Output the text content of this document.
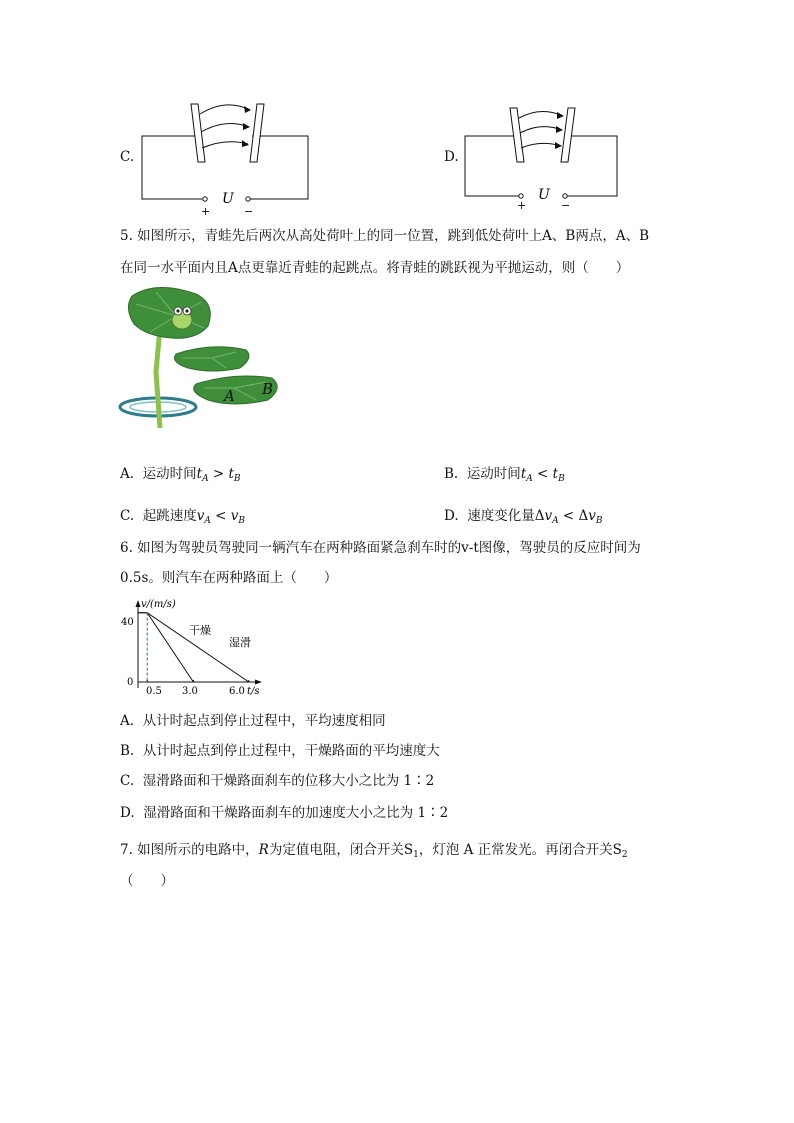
C.
U
+	−
D.
U
+	−
5. 如图所示，青蛙先后两次从高处荷叶上的同一位置，跳到低处荷叶上A、B两点，A、B
在同一水平面内且A点更靠近青蛙的起跳点。将青蛙的跳跃视为平抛运动，则（　　）
A B
A. 运动时间$t_A > t_B$	B. 运动时间$t_A < t_B$
C. 起跳速度$v_A < v_B$	D. 速度变化量$\Delta v_A < \Delta v_B$
6. 如图为驾驶员驾驶同一辆汽车在两种路面紧急刹车时的v-t图像，驾驶员的反应时间为
0.5s。则汽车在两种路面上（　　）
v/(m/s)
t/s
40
0
0.5 3.0	6.0
干燥
湿滑
A. 从计时起点到停止过程中，平均速度相同
B. 从计时起点到停止过程中，干燥路面的平均速度大
C. 湿滑路面和干燥路面刹车的位移大小之比为 1∶2
D. 湿滑路面和干燥路面刹车的加速度大小之比为 1∶2
7. 如图所示的电路中，R为定值电阻，闭合开关$S_1$，灯泡 A 正常发光。再闭合开关$S_2$
（　　）
